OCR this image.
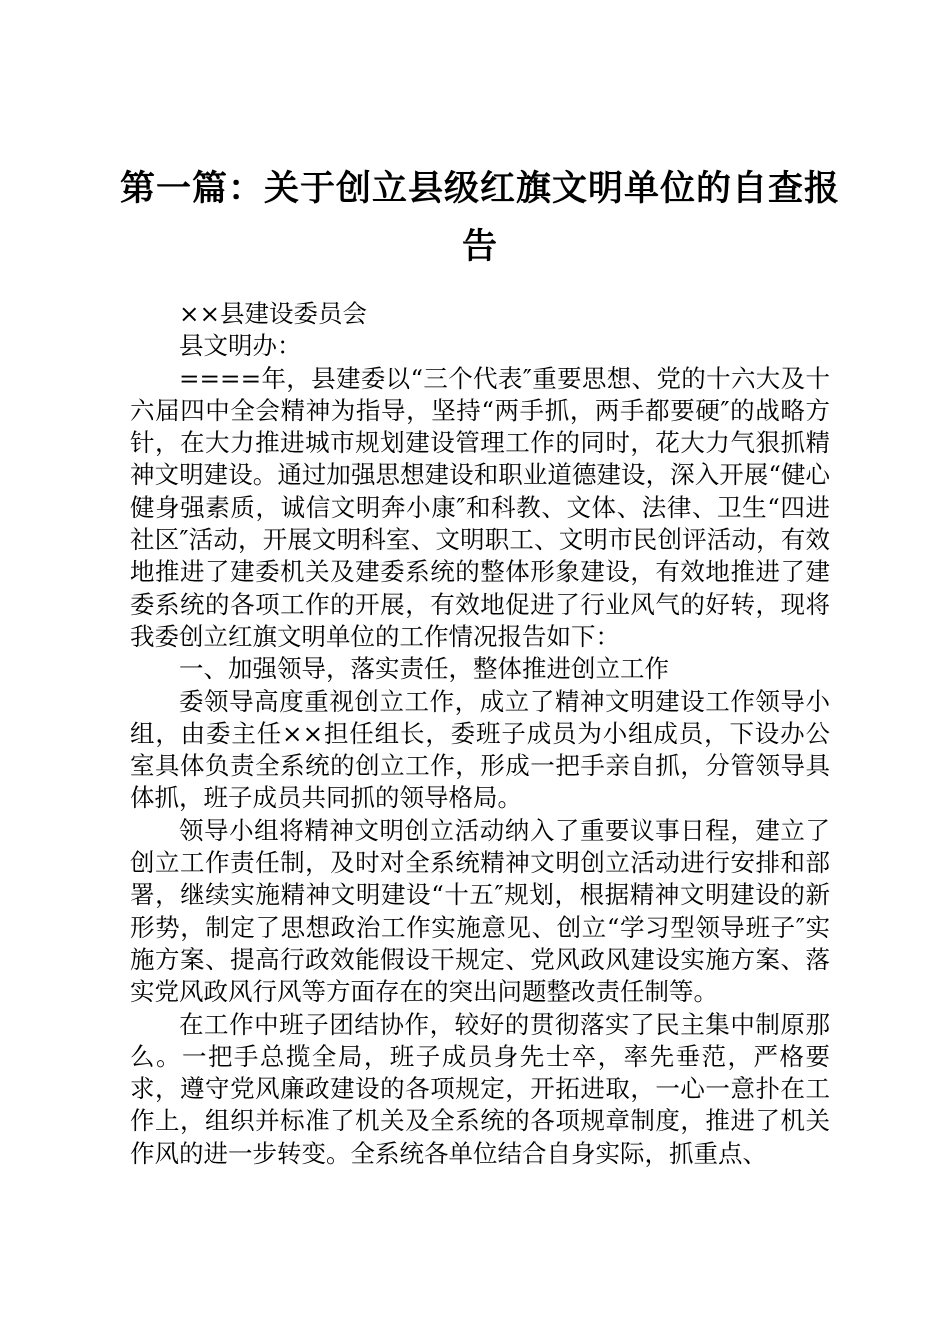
第一篇：关于创立县级红旗文明单位的自查报告

××县建设委员会

县文明办：

====年，县建委以“三个代表″重要思想、党的十六大及十六届四中全会精神为指导，坚持“两手抓，两手都要硬″的战略方针，在大力推进城市规划建设管理工作的同时，花大力气狠抓精神文明建设。通过加强思想建设和职业道德建设，深入开展“健心健身强素质，诚信文明奔小康″和科教、文体、法律、卫生“四进社区″活动，开展文明科室、文明职工、文明市民创评活动，有效地推进了建委机关及建委系统的整体形象建设，有效地推进了建委系统的各项工作的开展，有效地促进了行业风气的好转，现将我委创立红旗文明单位的工作情况报告如下：

一、加强领导，落实责任，整体推进创立工作

委领导高度重视创立工作，成立了精神文明建设工作领导小组，由委主任××担任组长，委班子成员为小组成员，下设办公室具体负责全系统的创立工作，形成一把手亲自抓，分管领导具体抓，班子成员共同抓的领导格局。

领导小组将精神文明创立活动纳入了重要议事日程，建立了创立工作责任制，及时对全系统精神文明创立活动进行安排和部署，继续实施精神文明建设“十五″规划，根据精神文明建设的新形势，制定了思想政治工作实施意见、创立“学习型领导班子″实施方案、提高行政效能假设干规定、党风政风建设实施方案、落实党风政风行风等方面存在的突出问题整改责任制等。

在工作中班子团结协作，较好的贯彻落实了民主集中制原那么。一把手总揽全局，班子成员身先士卒，率先垂范，严格要求，遵守党风廉政建设的各项规定，开拓进取，一心一意扑在工作上，组织并标准了机关及全系统的各项规章制度，推进了机关作风的进一步转变。全系统各单位结合自身实际，抓重点、
